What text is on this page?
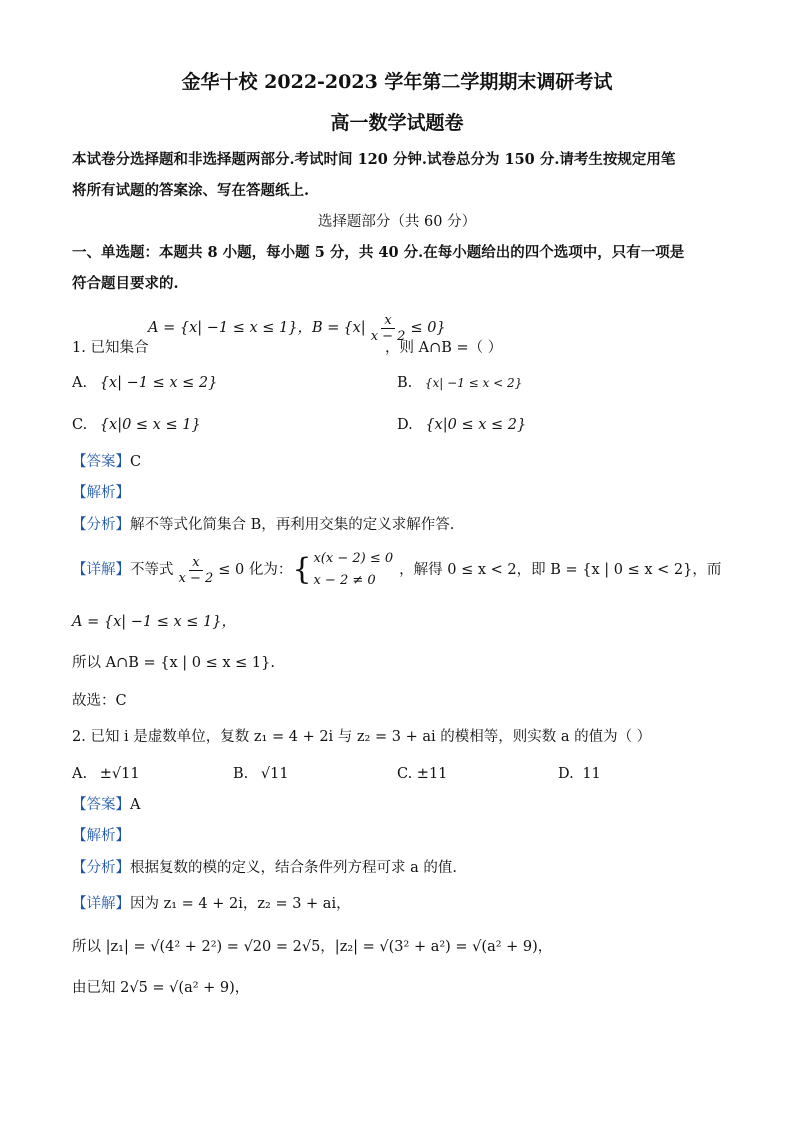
金华十校 2022-2023 学年第二学期期末调研考试
高一数学试题卷
本试卷分选择题和非选择题两部分.考试时间 120 分钟.试卷总分为 150 分.请考生按规定用笔
将所有试题的答案涂、写在答题纸上.
选择题部分（共 60 分）
一、单选题：本题共 8 小题，每小题 5 分，共 40 分.在每小题给出的四个选项中，只有一项是
符合题目要求的.
1. 已知集合
A = {x| −1 ≤ x ≤ 1}，$B = \{x| \frac{x}{x - 2} \le 0\}$
，则 A∩B =（ ）
A. {x| −1 ≤ x ≤ 2}	B. {x| −1 ≤ x < 2}
C. {x|0 ≤ x ≤ 1}	D. {x|0 ≤ x ≤ 2}
【答案】C
【解析】
【分析】解不等式化简集合 B，再利用交集的定义求解作答.
【详解】 不等式 $\frac{x}{x - 2} \le 0$ 化为： { x(x − 2) ≤ 0
x − 2 ≠ 0
，解得 0 ≤ x < 2，即 B = {x | 0 ≤ x < 2}，而
A = {x| −1 ≤ x ≤ 1}，
所以 A∩B = {x | 0 ≤ x ≤ 1}.
故选：C
2. 已知 i 是虚数单位，复数 z₁ = 4 + 2i 与 z₂ = 3 + ai 的模相等，则实数 a 的值为（ ）
A. ±√11	B. √11	C. ±11	D. 11
【答案】A
【解析】
【分析】根据复数的模的定义，结合条件列方程可求 a 的值.
【详解】因为 z₁ = 4 + 2i，z₂ = 3 + ai，
所以 |z₁| = √(4² + 2²) = √20 = 2√5，|z₂| = √(3² + a²) = √(a² + 9)，
由已知 2√5 = √(a² + 9)，
